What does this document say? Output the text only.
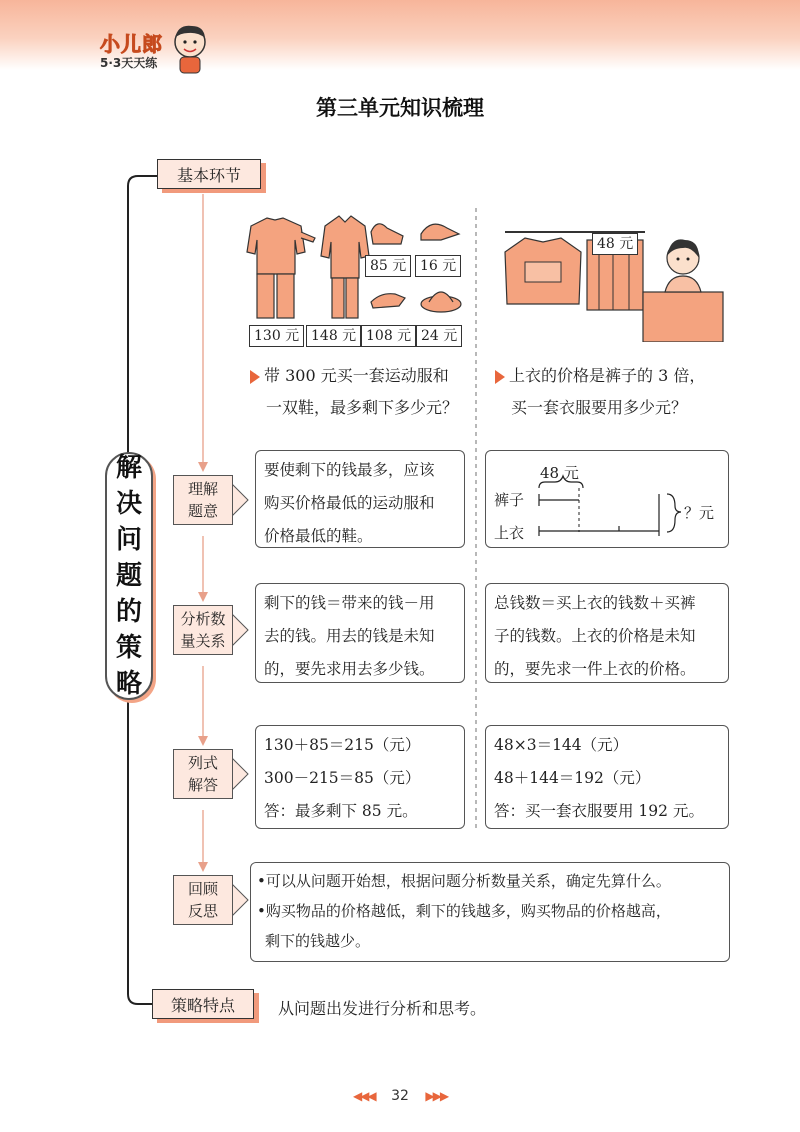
小儿郎
5·3天天练
第三单元知识梳理
基本环节
策略特点
解
决
问
题
的
策
略
理解
题意
分析数
量关系
列式
解答
回顾
反思
85 元 16 元
130 元 148 元 108 元 24 元
48 元
带 300 元买一套运动服和
一双鞋，最多剩下多少元？
上衣的价格是裤子的 3 倍，
买一套衣服要用多少元？
要使剩下的钱最多，应该
购买价格最低的运动服和
价格最低的鞋。
48 元
裤子
上衣
？元
剩下的钱＝带来的钱－用
去的钱。用去的钱是未知
的，要先求用去多少钱。
总钱数＝买上衣的钱数＋买裤
子的钱数。上衣的价格是未知
的，要先求一件上衣的价格。
130＋85＝215（元）
300－215＝85（元）
答：最多剩下 85 元。
48×3＝144（元）
48＋144＝192（元）
答：买一套衣服要用 192 元。
•可以从问题开始想，根据问题分析数量关系，确定先算什么。
•购买物品的价格越低，剩下的钱越多，购买物品的价格越高，
剩下的钱越少。
从问题出发进行分析和思考。
◀◀◀ 32 ▶▶▶
